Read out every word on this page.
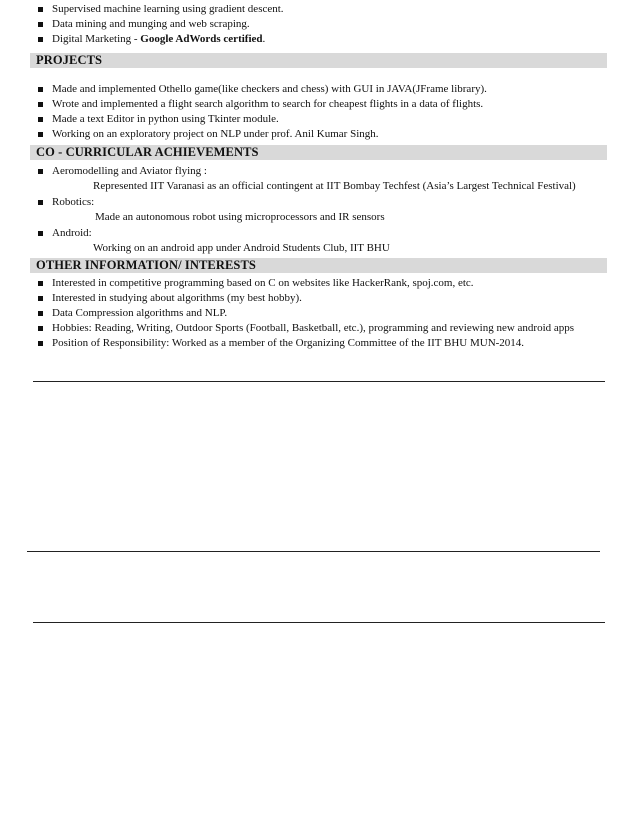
Supervised machine learning using gradient descent.
Data mining and munging and web scraping.
Digital Marketing - Google AdWords certified.
PROJECTS
Made and implemented Othello game(like checkers and chess) with GUI in JAVA(JFrame library).
Wrote and implemented a flight search algorithm to search for cheapest flights in a data of flights.
Made a text Editor in python using Tkinter module.
Working on an exploratory project on NLP under prof. Anil Kumar Singh.
CO - CURRICULAR ACHIEVEMENTS
Aeromodelling and Aviator flying :
Represented IIT Varanasi as an official contingent at IIT Bombay Techfest (Asia’s Largest Technical Festival)
Robotics:
Made an autonomous robot using microprocessors and IR sensors
Android:
Working on an android app under Android Students Club, IIT BHU
OTHER INFORMATION/ INTERESTS
Interested in competitive programming based on C on websites like HackerRank, spoj.com, etc.
Interested in studying about algorithms (my best hobby).
Data Compression algorithms and NLP.
Hobbies: Reading, Writing, Outdoor Sports (Football, Basketball, etc.), programming and reviewing new android apps
Position of Responsibility: Worked as a member of the Organizing Committee of the IIT BHU MUN-2014.
